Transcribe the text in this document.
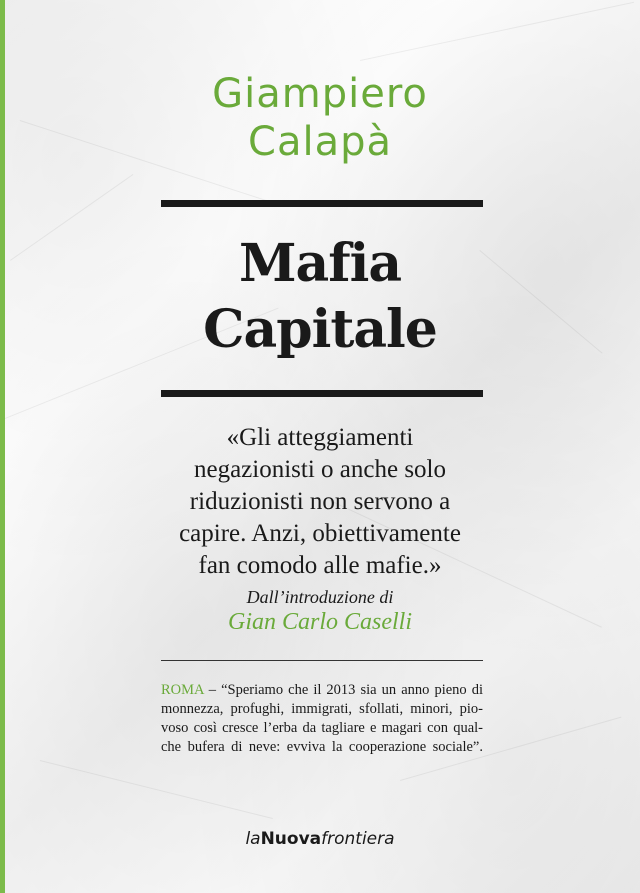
Giampiero
Calapà
Mafia
Capitale
«Gli atteggiamenti
negazionisti o anche solo
riduzionisti non servono a
capire. Anzi, obiettivamente
fan comodo alle mafie.»
Dall’introduzione di
Gian Carlo Caselli
ROMA – “Speriamo che il 2013 sia un anno pieno di
monnezza, profughi, immigrati, sfollati, minori, pio-
voso così cresce l’erba da tagliare e magari con qual-
che bufera di neve: evviva la cooperazione sociale”.
laNuovafrontiera
